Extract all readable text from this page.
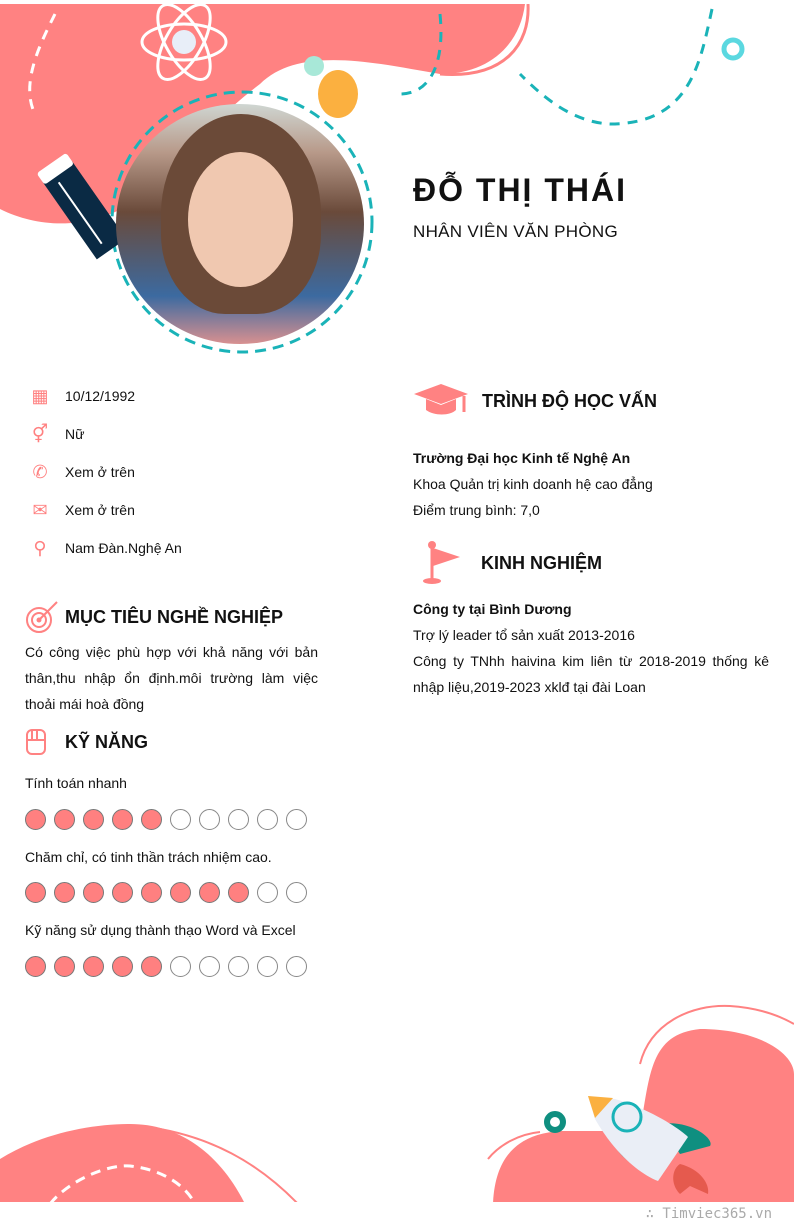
ĐỖ THỊ THÁI
NHÂN VIÊN VĂN PHÒNG
▦ 10/12/1992
⚥ Nữ
✆ Xem ở trên
✉ Xem ở trên
⚲ Nam Đàn.Nghệ An
MỤC TIÊU NGHỀ NGHIỆP
Có công việc phù hợp với khả năng với bản thân,thu nhập ổn định.môi trường làm việc thoải mái hoà đồng
KỸ NĂNG
Tính toán nhanh
Chăm chỉ, có tinh thần trách nhiệm cao.
Kỹ năng sử dụng thành thạo Word và Excel
TRÌNH ĐỘ HỌC VẤN
Trường Đại học Kinh tế Nghệ An
Khoa Quản trị kinh doanh hệ cao đẳng
Điểm trung bình: 7,0
KINH NGHIỆM
Công ty tại Bình Dương
Trợ lý leader tổ sản xuất 2013-2016
Công ty TNhh haivina kim liên từ 2018-2019 thống kê nhập liệu,2019-2023 xklđ tại đài Loan
∴ Timviec365.vn
